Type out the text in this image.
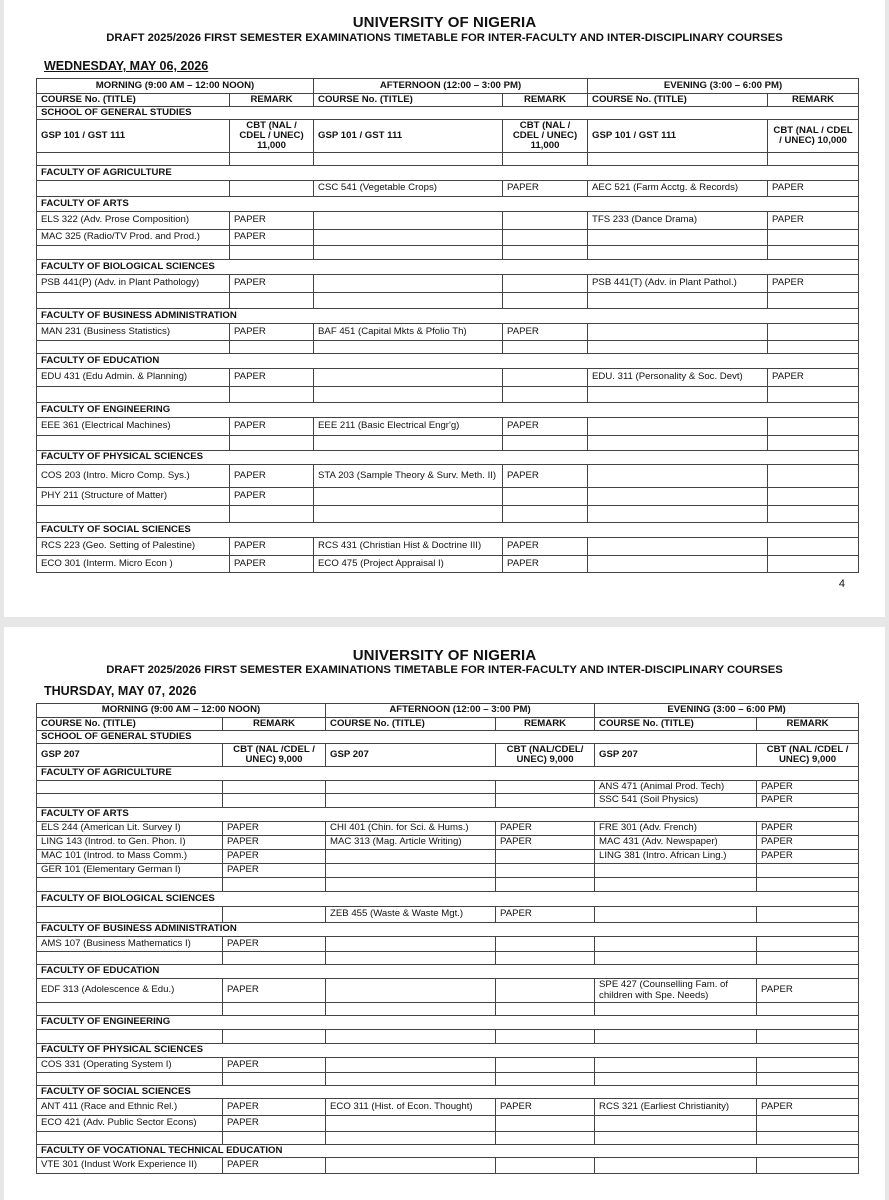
UNIVERSITY OF NIGERIA
DRAFT 2025/2026 FIRST SEMESTER EXAMINATIONS TIMETABLE FOR INTER-FACULTY AND INTER-DISCIPLINARY COURSES
WEDNESDAY, MAY 06, 2026
MORNING (9:00 AM – 12:00 NOON)		AFTERNOON (12:00 – 3:00 PM)		EVENING (3:00 – 6:00 PM)	
COURSE No. (TITLE)	REMARK	COURSE No. (TITLE)	REMARK	COURSE No. (TITLE)	REMARK
SCHOOL OF GENERAL STUDIES					
GSP 101 / GST 111	CBT (NAL / CDEL / UNEC) 11,000	GSP 101 / GST 111	CBT (NAL / CDEL / UNEC) 11,000	GSP 101 / GST 111	CBT (NAL / CDEL / UNEC) 10,000

FACULTY OF AGRICULTURE					
		CSC 541 (Vegetable Crops)	PAPER	AEC 521 (Farm Acctg. & Records)	PAPER
FACULTY OF ARTS					
ELS 322 (Adv. Prose Composition)	PAPER			TFS 233 (Dance Drama)	PAPER
MAC 325 (Radio/TV Prod. and Prod.)	PAPER				

FACULTY OF BIOLOGICAL SCIENCES					
PSB 441(P) (Adv. in Plant Pathology)	PAPER			PSB 441(T) (Adv. in Plant Pathol.)	PAPER

FACULTY OF BUSINESS ADMINISTRATION					
MAN 231 (Business Statistics)	PAPER	BAF 451 (Capital Mkts & Pfolio Th)	PAPER		

FACULTY OF EDUCATION					
EDU 431 (Edu Admin. & Planning)	PAPER			EDU. 311 (Personality & Soc. Devt)	PAPER

FACULTY OF ENGINEERING					
EEE 361 (Electrical Machines)	PAPER	EEE 211 (Basic Electrical Engr'g)	PAPER		

FACULTY OF PHYSICAL SCIENCES					
COS 203 (Intro. Micro Comp. Sys.)	PAPER	STA 203 (Sample Theory & Surv. Meth. II)	PAPER		
PHY 211 (Structure of Matter)	PAPER				

FACULTY OF SOCIAL SCIENCES					
RCS 223 (Geo. Setting of Palestine)	PAPER	RCS 431 (Christian Hist & Doctrine III)	PAPER		
ECO 301 (Interm. Micro Econ )	PAPER	ECO 475 (Project Appraisal I)	PAPER		
4
UNIVERSITY OF NIGERIA
DRAFT 2025/2026 FIRST SEMESTER EXAMINATIONS TIMETABLE FOR INTER-FACULTY AND INTER-DISCIPLINARY COURSES
THURSDAY, MAY 07, 2026
MORNING (9:00 AM – 12:00 NOON)		AFTERNOON (12:00 – 3:00 PM)		EVENING (3:00 – 6:00 PM)	
COURSE No. (TITLE)	REMARK	COURSE No. (TITLE)	REMARK	COURSE No. (TITLE)	REMARK
SCHOOL OF GENERAL STUDIES					
GSP 207	CBT (NAL /CDEL / UNEC) 9,000	GSP 207	CBT (NAL/CDEL/ UNEC) 9,000	GSP 207	CBT (NAL /CDEL / UNEC) 9,000
FACULTY OF AGRICULTURE					
				ANS 471 (Animal Prod. Tech)	PAPER
				SSC 541 (Soil Physics)	PAPER
FACULTY OF ARTS					
ELS 244 (American Lit. Survey I)	PAPER	CHI 401 (Chin. for Sci. & Hums.)	PAPER	FRE 301 (Adv. French)	PAPER
LING 143 (Introd. to Gen. Phon. I)	PAPER	MAC 313 (Mag. Article Writing)	PAPER	MAC 431 (Adv. Newspaper)	PAPER
MAC 101 (Introd. to Mass Comm.)	PAPER			LING 381 (Intro. African Ling.)	PAPER
GER 101 (Elementary German I)	PAPER				

FACULTY OF BIOLOGICAL SCIENCES					
		ZEB 455 (Waste & Waste Mgt.)	PAPER		
FACULTY OF BUSINESS ADMINISTRATION					
AMS 107 (Business Mathematics I)	PAPER				

FACULTY OF EDUCATION					
EDF 313 (Adolescence & Edu.)	PAPER			SPE 427 (Counselling Fam. of children with Spe. Needs)	PAPER

FACULTY OF ENGINEERING					

FACULTY OF PHYSICAL SCIENCES					
COS 331 (Operating System I)	PAPER				

FACULTY OF SOCIAL SCIENCES					
ANT 411 (Race and Ethnic Rel.)	PAPER	ECO 311 (Hist. of Econ. Thought)	PAPER	RCS 321 (Earliest Christianity)	PAPER
ECO 421 (Adv. Public Sector Econs)	PAPER				

FACULTY OF VOCATIONAL TECHNICAL EDUCATION					
VTE 301 (Indust Work Experience II)	PAPER				
